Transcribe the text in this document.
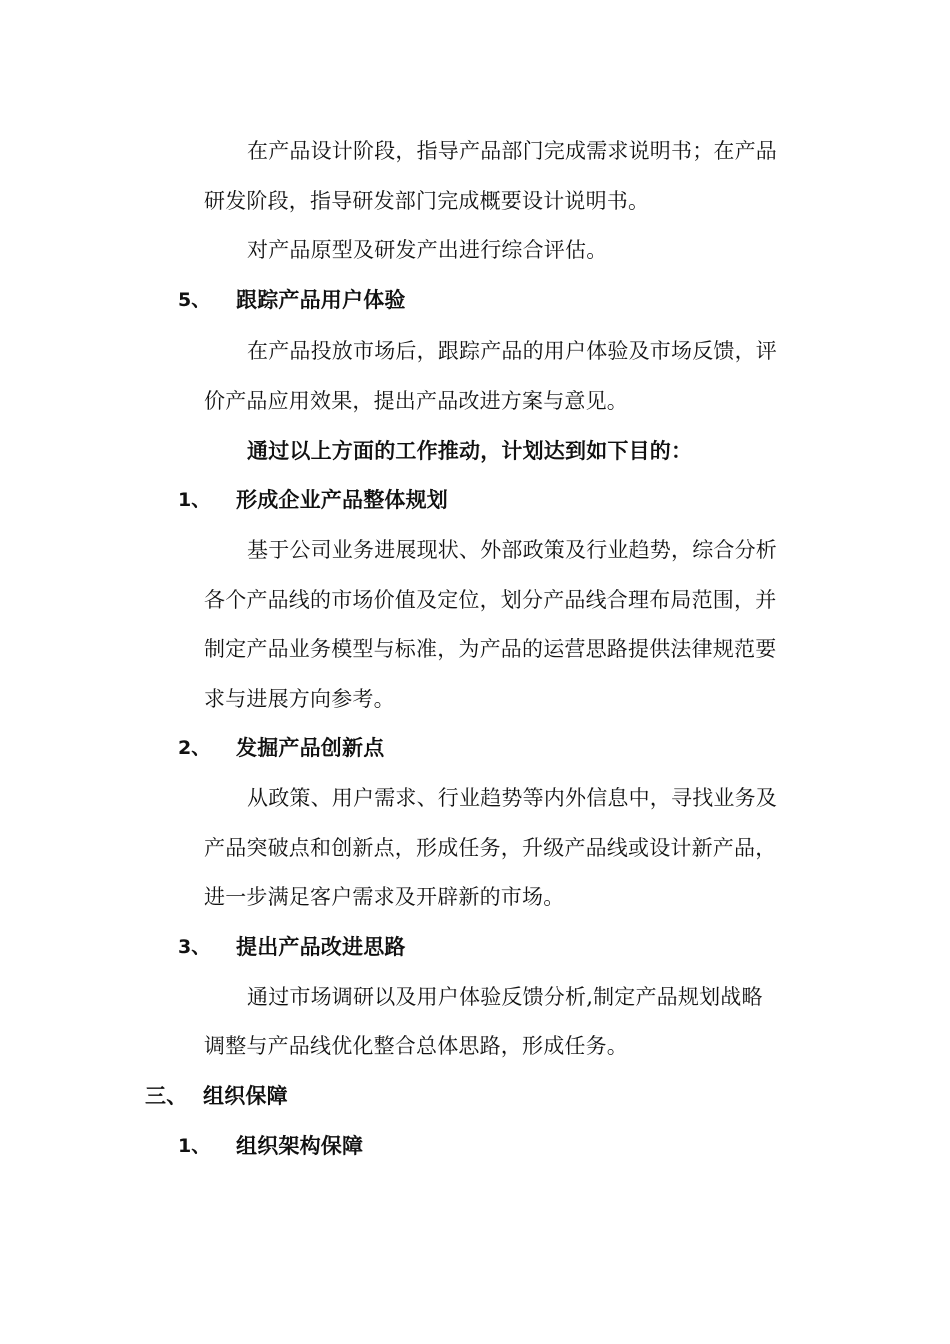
在产品设计阶段，指导产品部门完成需求说明书；在产品
研发阶段，指导研发部门完成概要设计说明书。
对产品原型及研发产出进行综合评估。
5、 跟踪产品用户体验
在产品投放市场后，跟踪产品的用户体验及市场反馈，评
价产品应用效果，提出产品改进方案与意见。
通过以上方面的工作推动，计划达到如下目的：
1、 形成企业产品整体规划
基于公司业务进展现状、外部政策及行业趋势，综合分析
各个产品线的市场价值及定位，划分产品线合理布局范围，并
制定产品业务模型与标准，为产品的运营思路提供法律规范要
求与进展方向参考。
2、 发掘产品创新点
从政策、用户需求、行业趋势等内外信息中，寻找业务及
产品突破点和创新点，形成任务，升级产品线或设计新产品，
进一步满足客户需求及开辟新的市场。
3、 提出产品改进思路
通过市场调研以及用户体验反馈分析,制定产品规划战略
调整与产品线优化整合总体思路，形成任务。
三、 组织保障
1、 组织架构保障
